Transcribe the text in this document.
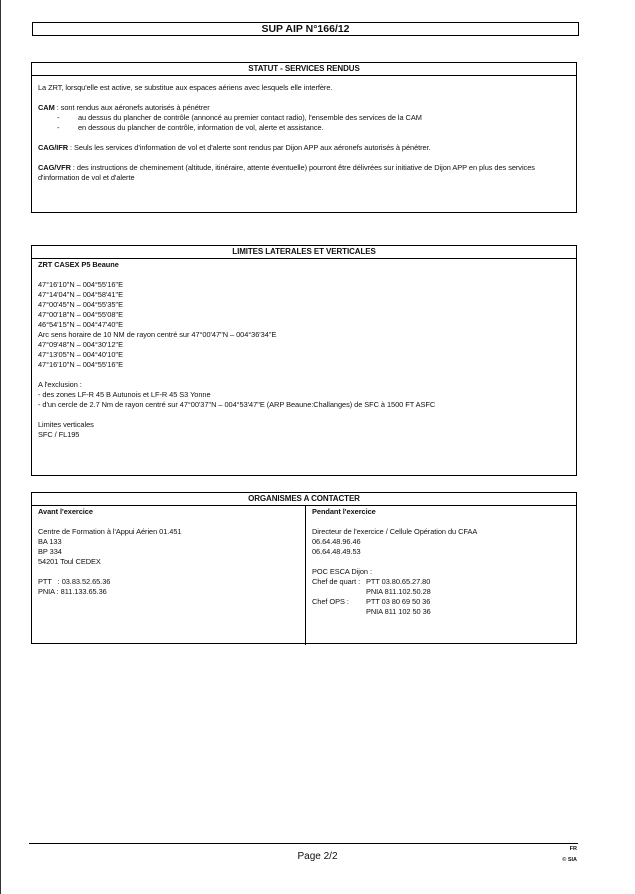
SUP AIP N°166/12
STATUT - SERVICES RENDUS

La ZRT, lorsqu'elle est active, se substitue aux espaces aériens avec lesquels elle interfère.

CAM : sont rendus aux aéronefs autorisés à pénétrer

-	au dessus du plancher de contrôle (annoncé au premier contact radio), l'ensemble des services de la CAM
-	en dessous du plancher de contrôle, information de vol, alerte et assistance.

CAG/IFR : Seuls les services d'information de vol et d'alerte sont rendus par Dijon APP aux aéronefs autorisés à pénétrer.

CAG/VFR : des instructions de cheminement (altitude, itinéraire, attente éventuelle) pourront être délivrées sur initiative de Dijon APP en plus des services d'information de vol et d'alerte

LIMITES LATERALES ET VERTICALES

ZRT CASEX P5 Beaune

47°16'10''N – 004°55'16''E

47°14'04''N – 004°58'41''E

47°00'45''N – 004°55'35''E

47°00'18''N – 004°55'08''E

46°54'15''N – 004°47'40''E

Arc sens horaire de 10 NM de rayon centré sur 47°00'47''N – 004°36'34''E

47°09'48''N – 004°30'12''E

47°13'05''N – 004°40'10''E

47°16'10''N – 004°55'16''E

A l'exclusion :

- des zones LF-R 45 B Autunois et LF-R 45 S3 Yonne

- d'un cercle de 2.7 Nm de rayon centré sur 47°00'37''N – 004°53'47''E (ARP Beaune:Challanges) de SFC à 1500 FT ASFC

Limites verticales

SFC / FL195

ORGANISMES A CONTACTER

Avant l'exercice

Centre de Formation à l'Appui Aérien 01.451

BA 133

BP 334

54201 Toul CEDEX

PTT   : 03.83.52.65.36

PNIA : 811.133.65.36

Pendant l'exercice

Directeur de l'exercice / Cellule Opération du CFAA

06.64.48.96.46

06.64.48.49.53

POC ESCA Dijon :

Chef de quart : PTT 03.80.65.27.80
PNIA 811.102.50.28
Chef OPS :	PTT 03 80 69 50 36
PNIA 811 102 50 36
Page 2/2
FR
© SIA
